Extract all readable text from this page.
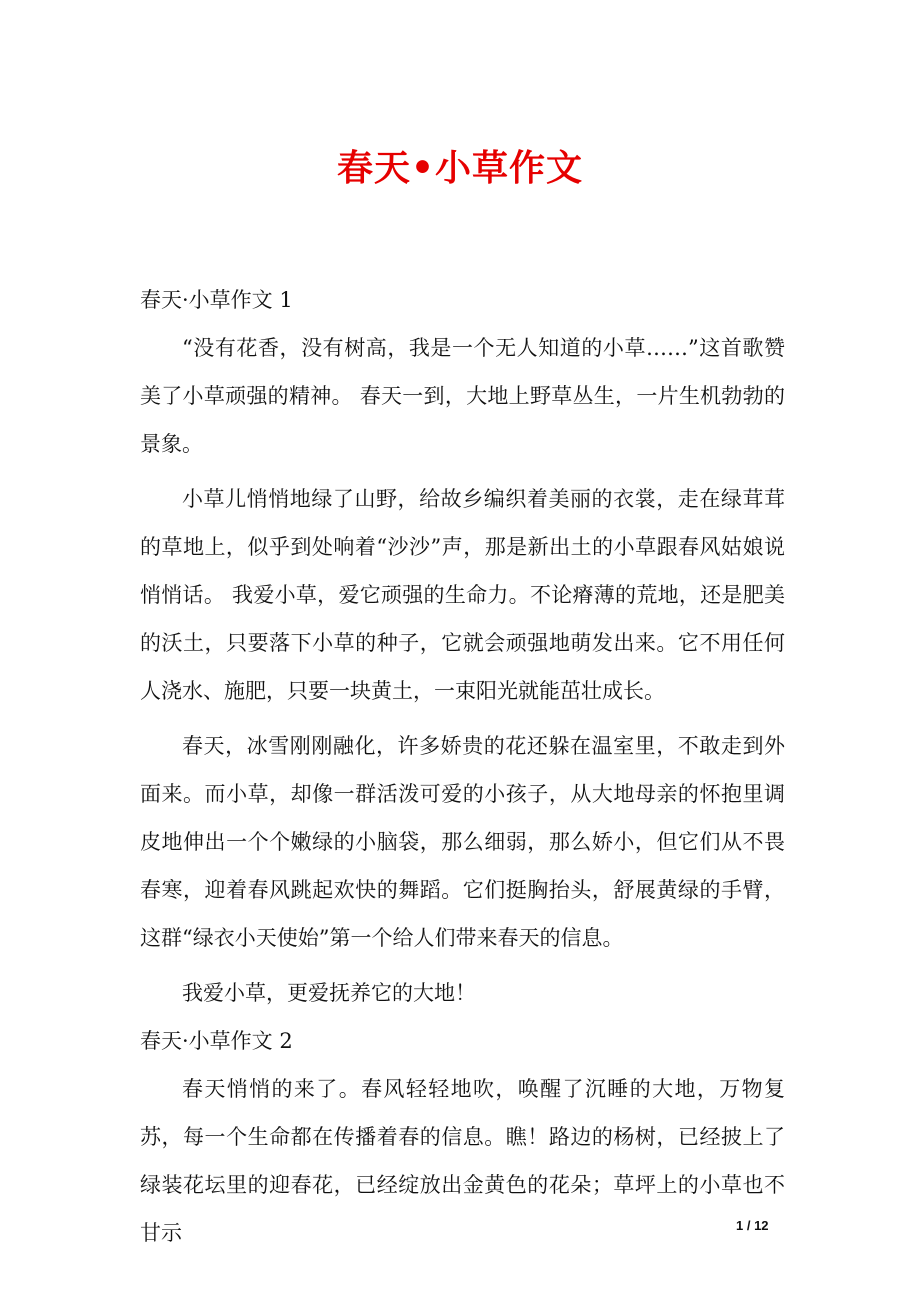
春天•小草作文

春天·小草作文 1

“没有花香，没有树高，我是一个无人知道的小草……”这首歌赞美了小草顽强的精神。 春天一到，大地上野草丛生，一片生机勃勃的景象。

小草儿悄悄地绿了山野，给故乡编织着美丽的衣裳，走在绿茸茸的草地上，似乎到处响着“沙沙”声，那是新出土的小草跟春风姑娘说悄悄话。 我爱小草，爱它顽强的生命力。不论瘠薄的荒地，还是肥美的沃土，只要落下小草的种子，它就会顽强地萌发出来。它不用任何人浇水、施肥，只要一块黄土，一束阳光就能茁壮成长。

春天，冰雪刚刚融化，许多娇贵的花还躲在温室里，不敢走到外面来。而小草，却像一群活泼可爱的小孩子，从大地母亲的怀抱里调皮地伸出一个个嫩绿的小脑袋，那么细弱，那么娇小，但它们从不畏春寒，迎着春风跳起欢快的舞蹈。它们挺胸抬头，舒展黄绿的手臂，这群“绿衣小天使始”第一个给人们带来春天的信息。

我爱小草，更爱抚养它的大地！

春天·小草作文 2

春天悄悄的来了。春风轻轻地吹，唤醒了沉睡的大地，万物复苏，每一个生命都在传播着春的信息。瞧！路边的杨树，已经披上了绿装花坛里的迎春花，已经绽放出金黄色的花朵；草坪上的小草也不甘示	1 / 12
